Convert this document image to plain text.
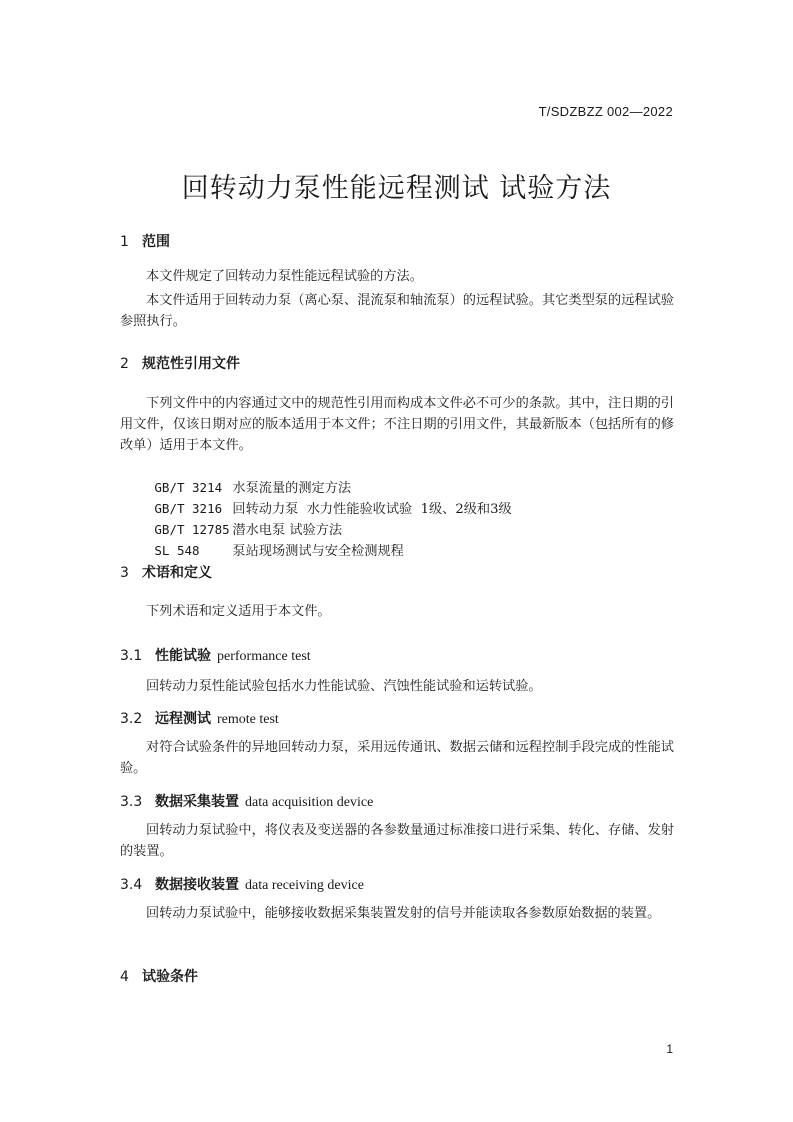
T/SDZBZZ 002—2022
回转动力泵性能远程测试 试验方法
1 范围
本文件规定了回转动力泵性能远程试验的方法。
本文件适用于回转动力泵（离心泵、混流泵和轴流泵）的远程试验。其它类型泵的远程试验参照执行。
2 规范性引用文件
下列文件中的内容通过文中的规范性引用而构成本文件必不可少的条款。其中，注日期的引用文件，仅该日期对应的版本适用于本文件；不注日期的引用文件，其最新版本（包括所有的修改单）适用于本文件。

GB/T 3214 水泵流量的测定方法

GB/T 3216 回转动力泵  水力性能验收试验  1级、2级和3级

GB/T 12785 潜水电泵 试验方法

SL 548 泵站现场测试与安全检测规程

3 术语和定义
下列术语和定义适用于本文件。
3.1 性能试验 performance test
回转动力泵性能试验包括水力性能试验、汽蚀性能试验和运转试验。
3.2 远程测试 remote test
对符合试验条件的异地回转动力泵，采用远传通讯、数据云储和远程控制手段完成的性能试验。
3.3 数据采集装置 data acquisition device
回转动力泵试验中，将仪表及变送器的各参数量通过标准接口进行采集、转化、存储、发射的装置。
3.4 数据接收装置 data receiving device
回转动力泵试验中，能够接收数据采集装置发射的信号并能读取各参数原始数据的装置。
4 试验条件
1
